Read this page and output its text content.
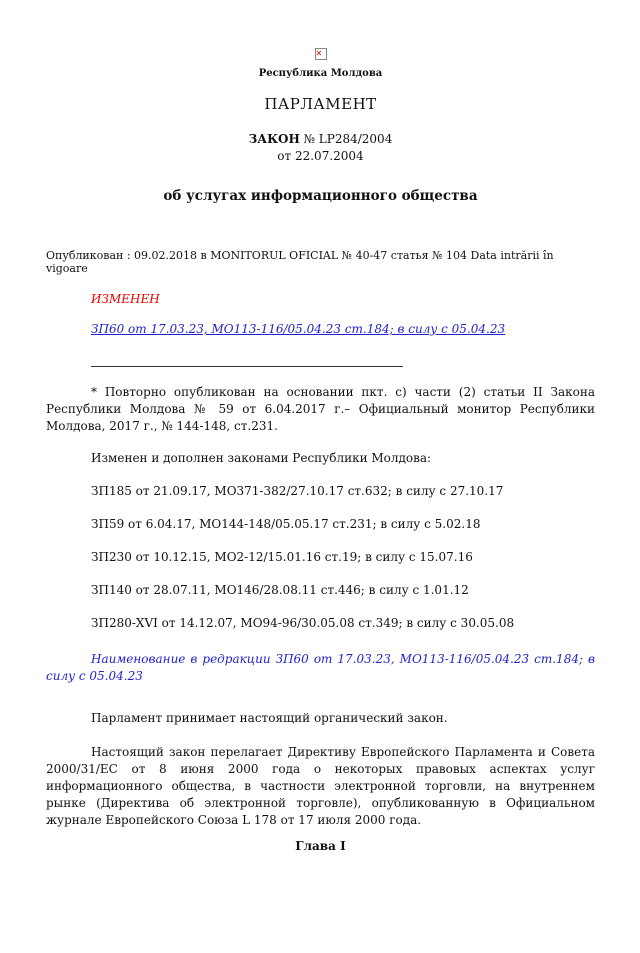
✕
Республика Молдова
ПАРЛАМЕНТ
ЗАКОН № LP284/2004
от 22.07.2004
об услугах информационного общества
Опубликован : 09.02.2018 в MONITORUL OFICIAL № 40-47 статья № 104 Data intrării în vigoare
ИЗМЕНЕН
ЗП60 от 17.03.23, MO113-116/05.04.23 ст.184; в силу с 05.04.23

* Повторно опубликован на основании пкт. c) части (2) статьи II Закона Республики Молдова № 59 от 6.04.2017 г.– Официальный монитор Республики Молдова, 2017 г., № 144-148, ст.231.

Изменен и дополнен законами Республики Молдова:

ЗП185 от 21.09.17, МО371-382/27.10.17 ст.632; в силу с 27.10.17

ЗП59 от 6.04.17, МО144-148/05.05.17 ст.231; в силу с 5.02.18

ЗП230 от 10.12.15, МО2-12/15.01.16 ст.19; в силу с 15.07.16

ЗП140 от 28.07.11, МО146/28.08.11 ст.446; в силу с 1.01.12

ЗП280-XVI от 14.12.07, МО94-96/30.05.08 ст.349; в силу с 30.05.08

Наименование в редракции ЗП60 от 17.03.23, MO113-116/05.04.23 ст.184; в силу с 05.04.23

Парламент принимает настоящий органический закон.

Настоящий закон перелагает Директиву Европейского Парламента и Совета 2000/31/ЕС от 8 июня 2000 года о некоторых правовых аспектах услуг информационного общества, в частности электронной торговли, на внутреннем рынке (Директива об электронной торговле), опубликованную в Официальном журнале Европейского Союза L 178 от 17 июля 2000 года.

Глава I
